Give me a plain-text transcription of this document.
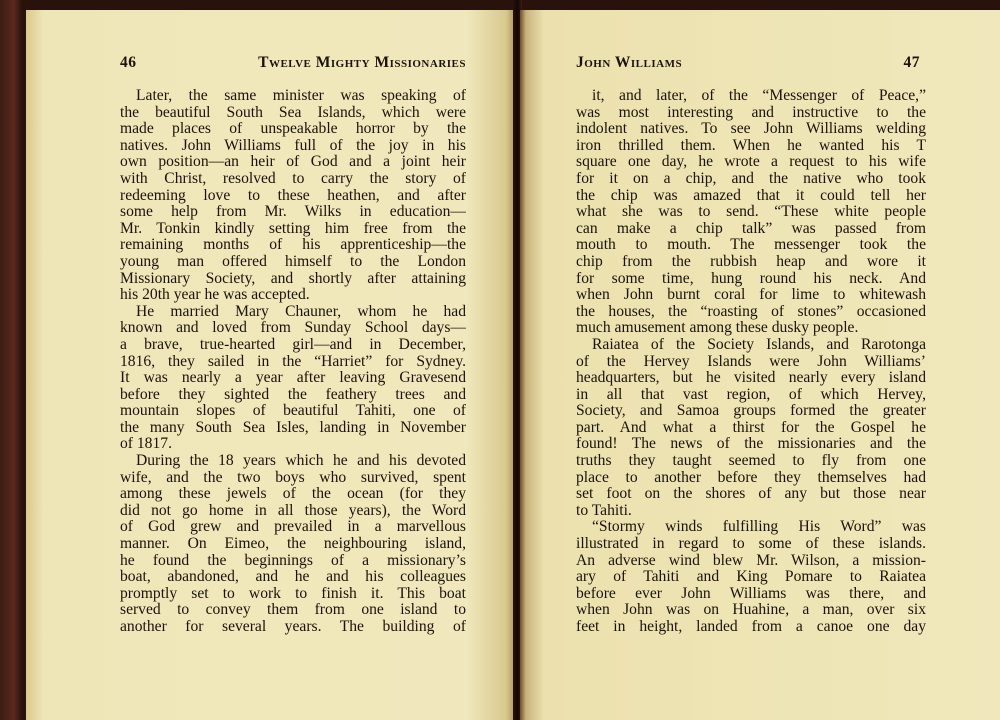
46	Twelve Mighty Missionaries
Later, the same minister was speaking of
the beautiful South Sea Islands, which were
made places of unspeakable horror by the
natives. John Williams full of the joy in his
own position—an heir of God and a joint heir
with Christ, resolved to carry the story of
redeeming love to these heathen, and after
some help from Mr. Wilks in education—
Mr. Tonkin kindly setting him free from the
remaining months of his apprenticeship—the
young man offered himself to the London
Missionary Society, and shortly after attaining
his 20th year he was accepted.
He married Mary Chauner, whom he had
known and loved from Sunday School days—
a brave, true-hearted girl—and in December,
1816, they sailed in the “Harriet” for Sydney.
It was nearly a year after leaving Gravesend
before they sighted the feathery trees and
mountain slopes of beautiful Tahiti, one of
the many South Sea Isles, landing in November
of 1817.
During the 18 years which he and his devoted
wife, and the two boys who survived, spent
among these jewels of the ocean (for they
did not go home in all those years), the Word
of God grew and prevailed in a marvellous
manner. On Eimeo, the neighbouring island,
he found the beginnings of a missionary’s
boat, abandoned, and he and his colleagues
promptly set to work to finish it. This boat
served to convey them from one island to
another for several years. The building of
John Williams	47
it, and later, of the “Messenger of Peace,”
was most interesting and instructive to the
indolent natives. To see John Williams welding
iron thrilled them. When he wanted his T
square one day, he wrote a request to his wife
for it on a chip, and the native who took
the chip was amazed that it could tell her
what she was to send. “These white people
can make a chip talk” was passed from
mouth to mouth. The messenger took the
chip from the rubbish heap and wore it
for some time, hung round his neck. And
when John burnt coral for lime to whitewash
the houses, the “roasting of stones” occasioned
much amusement among these dusky people.
Raiatea of the Society Islands, and Rarotonga
of the Hervey Islands were John Williams’
headquarters, but he visited nearly every island
in all that vast region, of which Hervey,
Society, and Samoa groups formed the greater
part. And what a thirst for the Gospel he
found! The news of the missionaries and the
truths they taught seemed to fly from one
place to another before they themselves had
set foot on the shores of any but those near
to Tahiti.
“Stormy winds fulfilling His Word” was
illustrated in regard to some of these islands.
An adverse wind blew Mr. Wilson, a mission-
ary of Tahiti and King Pomare to Raiatea
before ever John Williams was there, and
when John was on Huahine, a man, over six
feet in height, landed from a canoe one day
